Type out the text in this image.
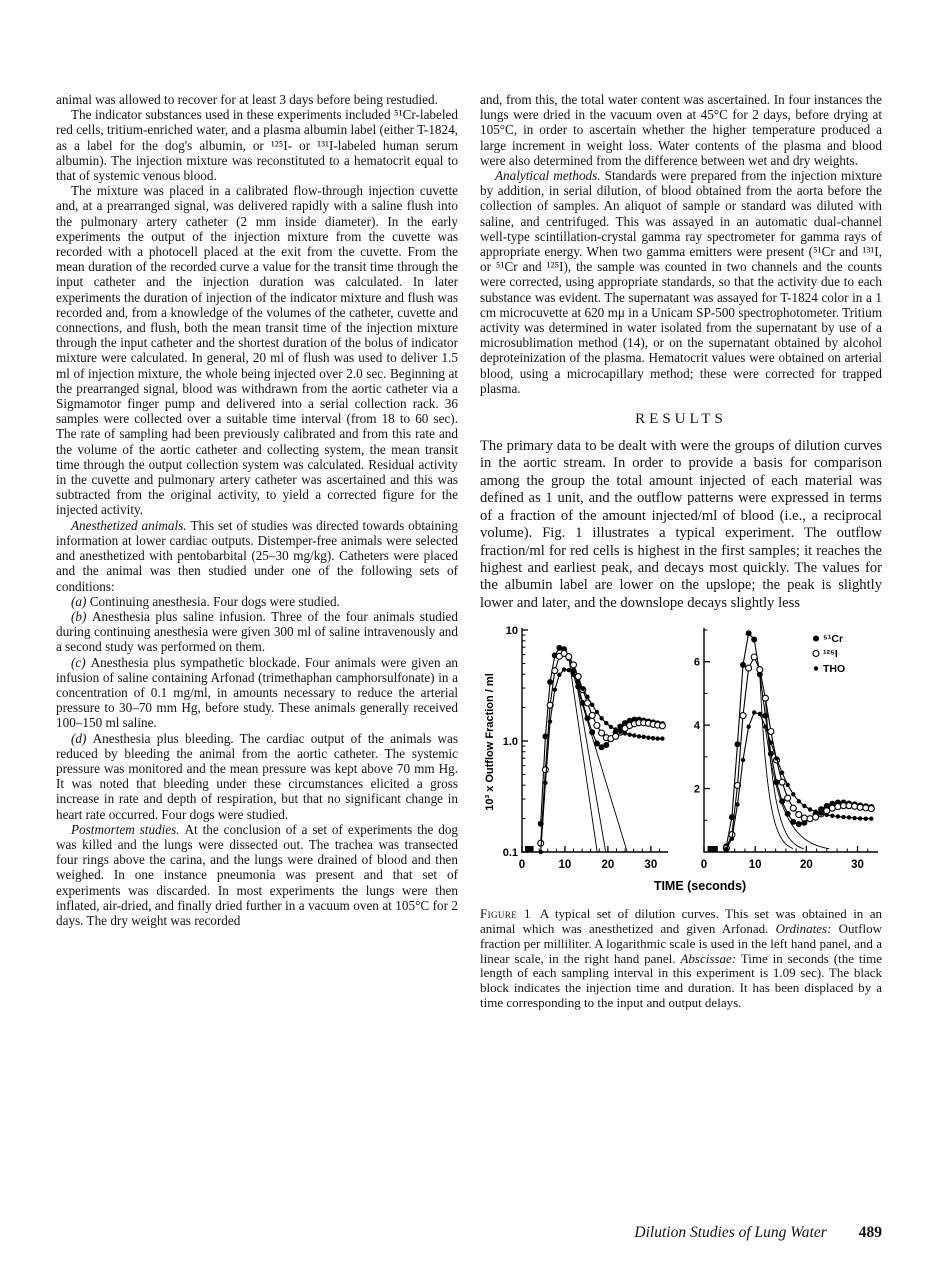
animal was allowed to recover for at least 3 days before being restudied.

The indicator substances used in these experiments included ⁵¹Cr-labeled red cells, tritium-enriched water, and a plasma albumin label (either T-1824, as a label for the dog's albumin, or ¹²⁵I- or ¹³¹I-labeled human serum albumin). The injection mixture was reconstituted to a hematocrit equal to that of systemic venous blood.

The mixture was placed in a calibrated flow-through injection cuvette and, at a prearranged signal, was delivered rapidly with a saline flush into the pulmonary artery catheter (2 mm inside diameter). In the early experiments the output of the injection mixture from the cuvette was recorded with a photocell placed at the exit from the cuvette. From the mean duration of the recorded curve a value for the transit time through the input catheter and the injection duration was calculated. In later experiments the duration of injection of the indicator mixture and flush was recorded and, from a knowledge of the volumes of the catheter, cuvette and connections, and flush, both the mean transit time of the injection mixture through the input catheter and the shortest duration of the bolus of indicator mixture were calculated. In general, 20 ml of flush was used to deliver 1.5 ml of injection mixture, the whole being injected over 2.0 sec. Beginning at the prearranged signal, blood was withdrawn from the aortic catheter via a Sigmamotor finger pump and delivered into a serial collection rack. 36 samples were collected over a suitable time interval (from 18 to 60 sec). The rate of sampling had been previously calibrated and from this rate and the volume of the aortic catheter and collecting system, the mean transit time through the output collection system was calculated. Residual activity in the cuvette and pulmonary artery catheter was ascertained and this was subtracted from the original activity, to yield a corrected figure for the injected activity.

Anesthetized animals. This set of studies was directed towards obtaining information at lower cardiac outputs. Distemper-free animals were selected and anesthetized with pentobarbital (25–30 mg/kg). Catheters were placed and the animal was then studied under one of the following sets of conditions:

(a) Continuing anesthesia. Four dogs were studied.

(b) Anesthesia plus saline infusion. Three of the four animals studied during continuing anesthesia were given 300 ml of saline intravenously and a second study was performed on them.

(c) Anesthesia plus sympathetic blockade. Four animals were given an infusion of saline containing Arfonad (trimethaphan camphorsulfonate) in a concentration of 0.1 mg/ml, in amounts necessary to reduce the arterial pressure to 30–70 mm Hg, before study. These animals generally received 100–150 ml saline.

(d) Anesthesia plus bleeding. The cardiac output of the animals was reduced by bleeding the animal from the aortic catheter. The systemic pressure was monitored and the mean pressure was kept above 70 mm Hg. It was noted that bleeding under these circumstances elicited a gross increase in rate and depth of respiration, but that no significant change in heart rate occurred. Four dogs were studied.

Postmortem studies. At the conclusion of a set of experiments the dog was killed and the lungs were dissected out. The trachea was transected four rings above the carina, and the lungs were drained of blood and then weighed. In one instance pneumonia was present and that set of experiments was discarded. In most experiments the lungs were then inflated, air-dried, and finally dried further in a vacuum oven at 105°C for 2 days. The dry weight was recorded

and, from this, the total water content was ascertained. In four instances the lungs were dried in the vacuum oven at 45°C for 2 days, before drying at 105°C, in order to ascertain whether the higher temperature produced a large increment in weight loss. Water contents of the plasma and blood were also determined from the difference between wet and dry weights.

Analytical methods. Standards were prepared from the injection mixture by addition, in serial dilution, of blood obtained from the aorta before the collection of samples. An aliquot of sample or standard was diluted with saline, and centrifuged. This was assayed in an automatic dual-channel well-type scintillation-crystal gamma ray spectrometer for gamma rays of appropriate energy. When two gamma emitters were present (⁵¹Cr and ¹³¹I, or ⁵¹Cr and ¹²⁵I), the sample was counted in two channels and the counts were corrected, using appropriate standards, so that the activity due to each substance was evident. The supernatant was assayed for T-1824 color in a 1 cm microcuvette at 620 mμ in a Unicam SP-500 spectrophotometer. Tritium activity was determined in water isolated from the supernatant by use of a microsublimation method (14), or on the supernatant obtained by alcohol deproteinization of the plasma. Hematocrit values were obtained on arterial blood, using a microcapillary method; these were corrected for trapped plasma.

RESULTS

The primary data to be dealt with were the groups of dilution curves in the aortic stream. In order to provide a basis for comparison among the group the total amount injected of each material was defined as 1 unit, and the outflow patterns were expressed in terms of a fraction of the amount injected/ml of blood (i.e., a reciprocal volume). Fig. 1 illustrates a typical experiment. The outflow fraction/ml for red cells is highest in the first samples; it reaches the highest and earliest peak, and decays most quickly. The values for the albumin label are lower on the upslope; the peak is slightly lower and later, and the downslope decays slightly less

10
1.0
0.1
0	10	20	30
6
4
2
0	10	20	30
TIME (seconds)
10³ x Outflow Fraction / ml
⁵¹Cr
¹²⁵I
THO

Figure 1 A typical set of dilution curves. This set was obtained in an animal which was anesthetized and given Arfonad. Ordinates: Outflow fraction per milliliter. A logarithmic scale is used in the left hand panel, and a linear scale, in the right hand panel. Abscissae: Time in seconds (the time length of each sampling interval in this experiment is 1.09 sec). The black block indicates the injection time and duration. It has been displaced by a time corresponding to the input and output delays.

Dilution Studies of Lung Water 489
